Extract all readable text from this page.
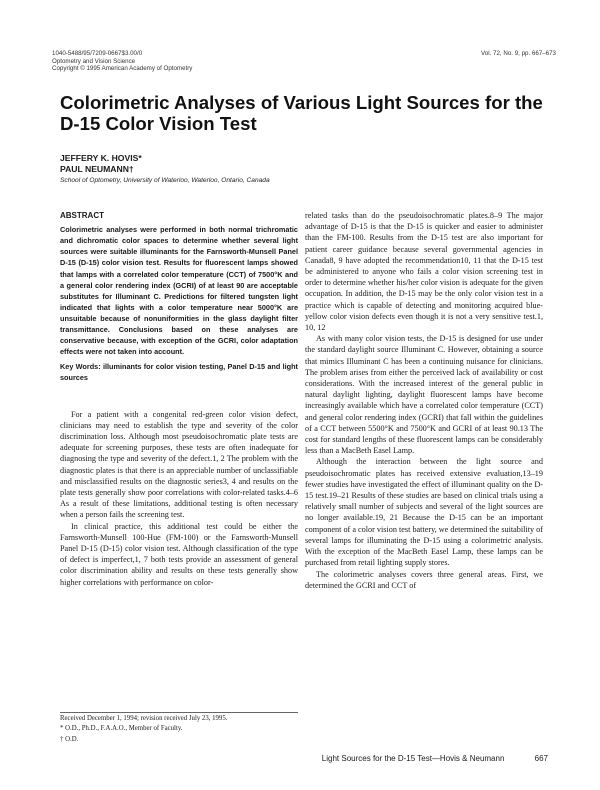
1040-5488/95/7209-0667$3.00/0
Optometry and Vision Science
Copyright © 1995 American Academy of Optometry
Vol. 72, No. 9, pp. 667–673
Colorimetric Analyses of Various Light Sources for the D-15 Color Vision Test
JEFFERY K. HOVIS*
PAUL NEUMANN†
School of Optometry, University of Waterloo, Waterloo, Ontario, Canada

ABSTRACT

Colorimetric analyses were performed in both normal trichromatic and dichromatic color spaces to determine whether several light sources were suitable illuminants for the Farnsworth-Munsell Panel D-15 (D-15) color vision test. Results for fluorescent lamps showed that lamps with a correlated color temperature (CCT) of 7500°K and a general color rendering index (GCRI) of at least 90 are acceptable substitutes for Illuminant C. Predictions for filtered tungsten light indicated that lights with a color temperature near 5000°K are unsuitable because of nonuniformities in the glass daylight filter transmittance. Conclusions based on these analyses are conservative because, with exception of the GCRI, color adaptation effects were not taken into account.

Key Words: illuminants for color vision testing, Panel D-15 and light sources

For a patient with a congenital red-green color vision defect, clinicians may need to establish the type and severity of the color discrimination loss. Although most pseudoisochromatic plate tests are adequate for screening purposes, these tests are often inadequate for diagnosing the type and severity of the defect.1, 2 The problem with the diagnostic plates is that there is an appreciable number of unclassifiable and misclassified results on the diagnostic series3, 4 and results on the plate tests generally show poor correlations with color-related tasks.4–6 As a result of these limitations, additional testing is often necessary when a person fails the screening test.

In clinical practice, this additional test could be either the Farnsworth-Munsell 100-Hue (FM-100) or the Farnsworth-Munsell Panel D-15 (D-15) color vision test. Although classification of the type of defect is imperfect,1, 7 both tests provide an assessment of general color discrimination ability and results on these tests generally show higher correlations with performance on color-

related tasks than do the pseudoisochromatic plates.8–9 The major advantage of D-15 is that the D-15 is quicker and easier to administer than the FM-100. Results from the D-15 test are also important for patient career guidance because several governmental agencies in Canada8, 9 have adopted the recommendation10, 11 that the D-15 test be administered to anyone who fails a color vision screening test in order to determine whether his/her color vision is adequate for the given occupation. In addition, the D-15 may be the only color vision test in a practice which is capable of detecting and monitoring acquired blue-yellow color vision defects even though it is not a very sensitive test.1, 10, 12

As with many color vision tests, the D-15 is designed for use under the standard daylight source Illuminant C. However, obtaining a source that mimics Illuminant C has been a continuing nuisance for clinicians. The problem arises from either the perceived lack of availability or cost considerations. With the increased interest of the general public in natural daylight lighting, daylight fluorescent lamps have become increasingly available which have a correlated color temperature (CCT) and general color rendering index (GCRI) that fall within the guidelines of a CCT between 5500°K and 7500°K and GCRI of at least 90.13 The cost for standard lengths of these fluorescent lamps can be considerably less than a MacBeth Easel Lamp.

Although the interaction between the light source and pseudoisochromatic plates has received extensive evaluation,13–19 fewer studies have investigated the effect of illuminant quality on the D-15 test.19–21 Results of these studies are based on clinical trials using a relatively small number of subjects and several of the light sources are no longer available.19, 21 Because the D-15 can be an important component of a color vision test battery, we determined the suitability of several lamps for illuminating the D-15 using a colorimetric analysis. With the exception of the MacBeth Easel Lamp, these lamps can be purchased from retail lighting supply stores.

The colorimetric analyses covers three general areas. First, we determined the GCRI and CCT of

Received December 1, 1994; revision received July 23, 1995.
* O.D., Ph.D., F.A.A.O., Member of Faculty.
† O.D.
Light Sources for the D-15 Test—Hovis & Neumann	667
